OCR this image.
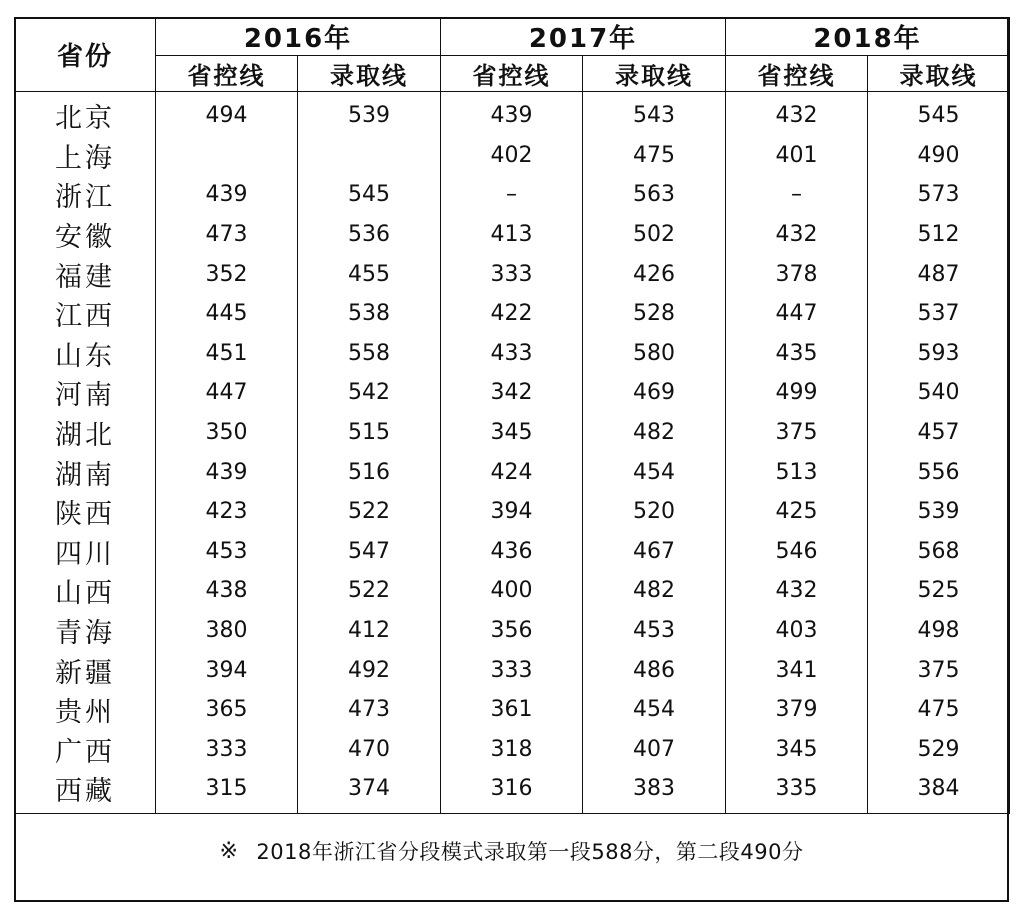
省份	2016年		2017年		2018年	
	省控线	录取线	省控线	录取线	省控线	录取线
北京	494	539	439	543	432	545
上海			402	475	401	490
浙江	439	545	–	563	–	573
安徽	473	536	413	502	432	512
福建	352	455	333	426	378	487
江西	445	538	422	528	447	537
山东	451	558	433	580	435	593
河南	447	542	342	469	499	540
湖北	350	515	345	482	375	457
湖南	439	516	424	454	513	556
陕西	423	522	394	520	425	539
四川	453	547	436	467	546	568
山西	438	522	400	482	432	525
青海	380	412	356	453	403	498
新疆	394	492	333	486	341	375
贵州	365	473	361	454	379	475
广西	333	470	318	407	345	529
西藏	315	374	316	383	335	384
※ 2018年浙江省分段模式录取第一段588分，第二段490分
